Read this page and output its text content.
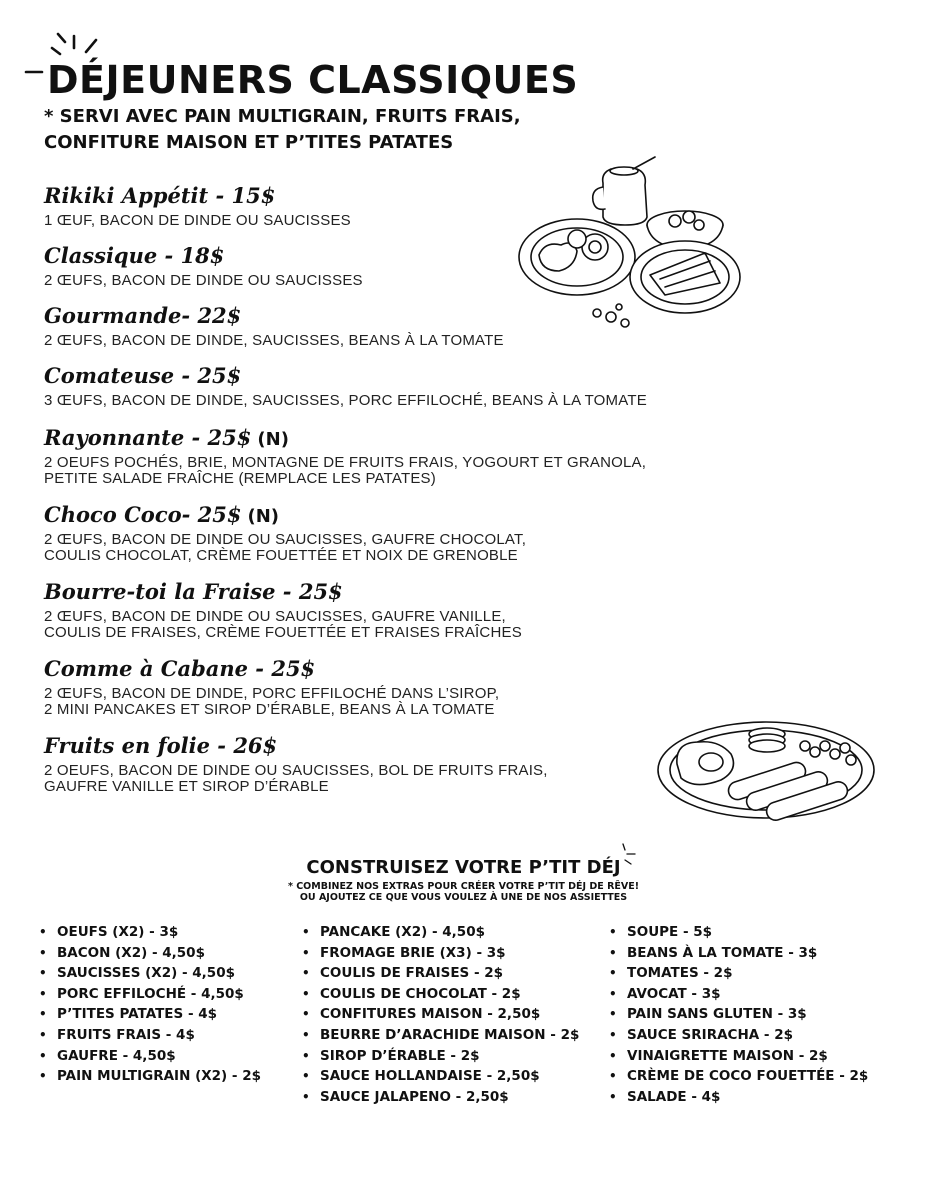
DÉJEUNERS CLASSIQUES
* SERVI AVEC PAIN MULTIGRAIN, FRUITS FRAIS,
CONFITURE MAISON ET P’TITES PATATES
Rikiki Appétit - 15$
1 ŒUF, BACON DE DINDE OU SAUCISSES
Classique - 18$
2 ŒUFS, BACON DE DINDE OU SAUCISSES
Gourmande- 22$
2 ŒUFS, BACON DE DINDE, SAUCISSES, BEANS À LA TOMATE
Comateuse - 25$
3 ŒUFS, BACON DE DINDE, SAUCISSES, PORC EFFILOCHÉ, BEANS À LA TOMATE
Rayonnante - 25$ (N)
2 OEUFS POCHÉS, BRIE, MONTAGNE DE FRUITS FRAIS, YOGOURT ET GRANOLA,
PETITE SALADE FRAÎCHE (REMPLACE LES PATATES)
Choco Coco- 25$ (N)
2 ŒUFS, BACON DE DINDE OU SAUCISSES, GAUFRE CHOCOLAT,
COULIS CHOCOLAT, CRÈME FOUETTÉE ET NOIX DE GRENOBLE
Bourre-toi la Fraise - 25$
2 ŒUFS, BACON DE DINDE OU SAUCISSES, GAUFRE VANILLE,
COULIS DE FRAISES, CRÈME FOUETTÉE ET FRAISES FRAÎCHES
Comme à Cabane - 25$
2 ŒUFS, BACON DE DINDE, PORC EFFILOCHÉ DANS L’SIROP,
2 MINI PANCAKES ET SIROP D’ÉRABLE, BEANS À LA TOMATE
Fruits en folie - 26$
2 OEUFS, BACON DE DINDE OU SAUCISSES, BOL DE FRUITS FRAIS,
GAUFRE VANILLE ET SIROP D’ÉRABLE
CONSTRUISEZ VOTRE P’TIT DÉJ
* COMBINEZ NOS EXTRAS POUR CRÉER VOTRE P’TIT DÉJ DE RÊVE!
OU AJOUTEZ CE QUE VOUS VOULEZ À UNE DE NOS ASSIETTES
• OEUFS (X2) - 3$
• BACON (X2) - 4,50$
• SAUCISSES (X2) - 4,50$
• PORC EFFILOCHÉ - 4,50$
• P’TITES PATATES - 4$
• FRUITS FRAIS - 4$
• GAUFRE - 4,50$
• PAIN MULTIGRAIN (X2) - 2$
• PANCAKE (X2) - 4,50$
• FROMAGE BRIE (X3) - 3$
• COULIS DE FRAISES - 2$
• COULIS DE CHOCOLAT - 2$
• CONFITURES MAISON - 2,50$
• BEURRE D’ARACHIDE MAISON - 2$
• SIROP D’ÉRABLE - 2$
• SAUCE HOLLANDAISE - 2,50$
• SAUCE JALAPENO - 2,50$
• SOUPE - 5$
• BEANS À LA TOMATE - 3$
• TOMATES - 2$
• AVOCAT - 3$
• PAIN SANS GLUTEN - 3$
• SAUCE SRIRACHA - 2$
• VINAIGRETTE MAISON - 2$
• CRÈME DE COCO FOUETTÉE - 2$
• SALADE - 4$
